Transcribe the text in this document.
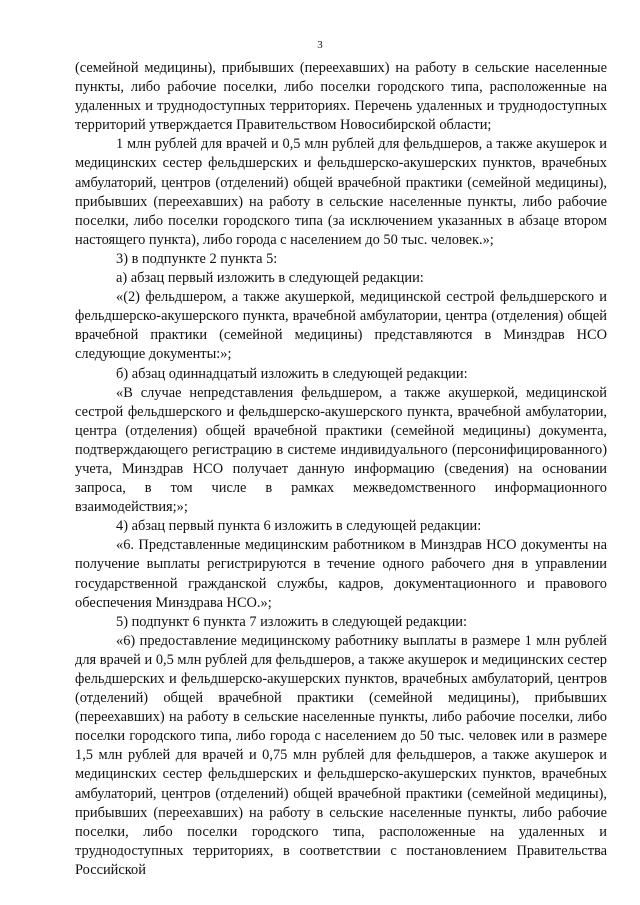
3

(семейной медицины), прибывших (переехавших) на работу в сельские населенные пункты, либо рабочие поселки, либо поселки городского типа, расположенные на удаленных и труднодоступных территориях. Перечень удаленных и труднодоступных территорий утверждается Правительством Новосибирской области;

1 млн рублей для врачей и 0,5 млн рублей для фельдшеров, а также акушерок и медицинских сестер фельдшерских и фельдшерско-акушерских пунктов, врачебных амбулаторий, центров (отделений) общей врачебной практики (семейной медицины), прибывших (переехавших) на работу в сельские населенные пункты, либо рабочие поселки, либо поселки городского типа (за исключением указанных в абзаце втором настоящего пункта), либо города с населением до 50 тыс. человек.»;

3) в подпункте 2 пункта 5:

а) абзац первый изложить в следующей редакции:

«(2) фельдшером, а также акушеркой, медицинской сестрой фельдшерского и фельдшерско-акушерского пункта, врачебной амбулатории, центра (отделения) общей врачебной практики (семейной медицины) представляются в Минздрав НСО следующие документы:»;

б) абзац одиннадцатый изложить в следующей редакции:

«В случае непредставления фельдшером, а также акушеркой, медицинской сестрой фельдшерского и фельдшерско-акушерского пункта, врачебной амбулатории, центра (отделения) общей врачебной практики (семейной медицины) документа, подтверждающего регистрацию в системе индивидуального (персонифицированного) учета, Минздрав НСО получает данную информацию (сведения) на основании запроса, в том числе в рамках межведомственного информационного взаимодействия;»;

4) абзац первый пункта 6 изложить в следующей редакции:

«6. Представленные медицинским работником в Минздрав НСО документы на получение выплаты регистрируются в течение одного рабочего дня в управлении государственной гражданской службы, кадров, документационного и правового обеспечения Минздрава НСО.»;

5) подпункт 6 пункта 7 изложить в следующей редакции:

«6) предоставление медицинскому работнику выплаты в размере 1 млн рублей для врачей и 0,5 млн рублей для фельдшеров, а также акушерок и медицинских сестер фельдшерских и фельдшерско-акушерских пунктов, врачебных амбулаторий, центров (отделений) общей врачебной практики (семейной медицины), прибывших (переехавших) на работу в сельские населенные пункты, либо рабочие поселки, либо поселки городского типа, либо города с населением до 50 тыс. человек или в размере 1,5 млн рублей для врачей и 0,75 млн рублей для фельдшеров, а также акушерок и медицинских сестер фельдшерских и фельдшерско-акушерских пунктов, врачебных амбулаторий, центров (отделений) общей врачебной практики (семейной медицины), прибывших (переехавших) на работу в сельские населенные пункты, либо рабочие поселки, либо поселки городского типа, расположенные на удаленных и труднодоступных территориях, в соответствии с постановлением Правительства Российской
